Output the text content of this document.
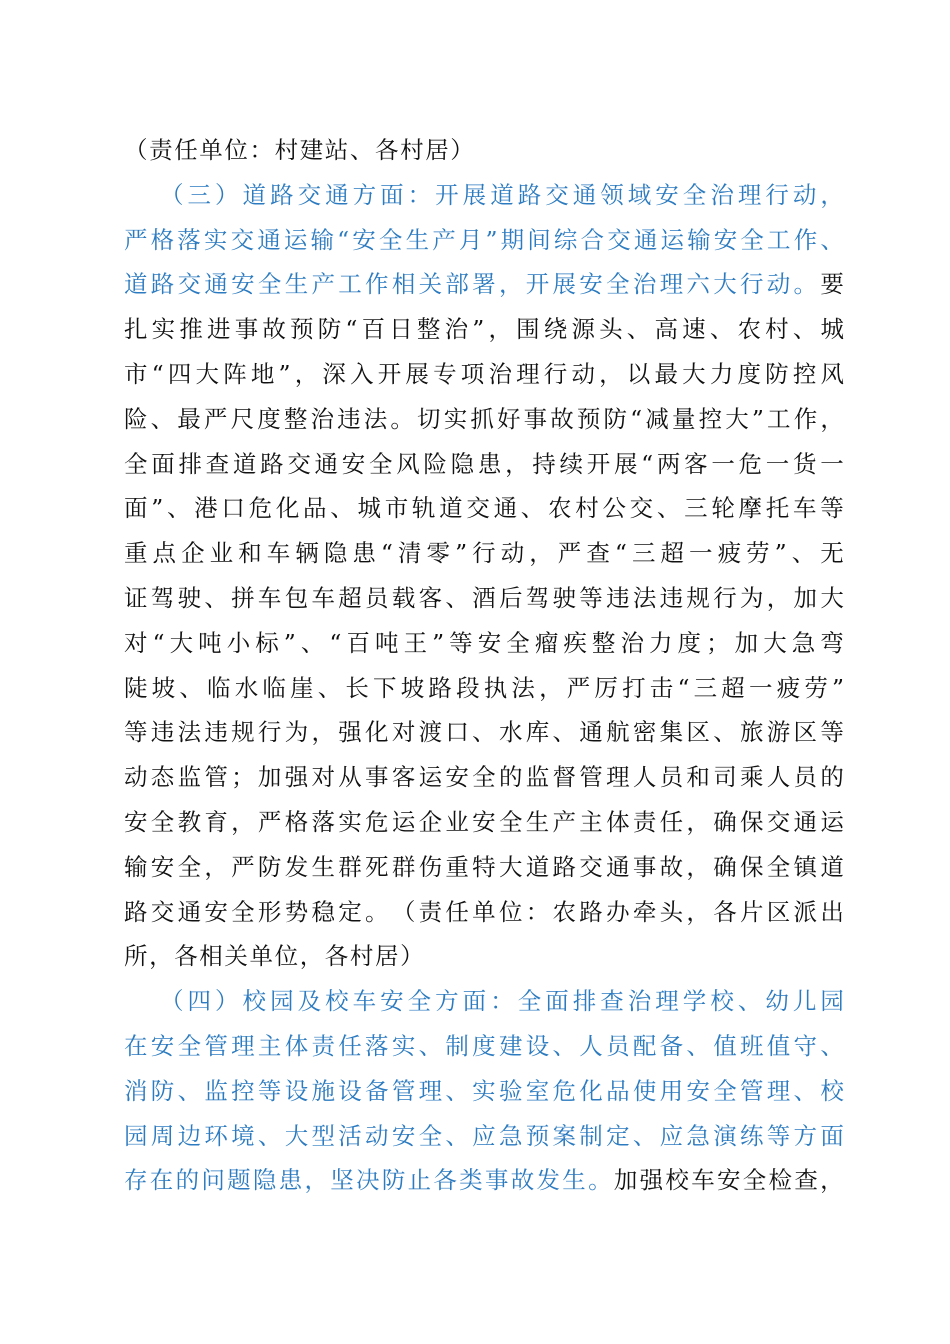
（责任单位：村建站、各村居）
（ 三 ） 道 路 交 通 方 面 ： 开 展 道 路 交 通 领 域 安 全 治 理 行 动 ，
严 格 落 实 交 通 运 输 “ 安 全 生 产 月 ” 期 间 综 合 交 通 运 输 安 全 工 作 、
道 路 交 通 安 全 生 产 工 作 相 关 部 署 ， 开 展 安 全 治 理 六 大 行 动 。 要
扎 实 推 进 事 故 预 防 “ 百 日 整 治 ” ， 围 绕 源 头 、 高 速 、 农 村 、 城
市 “ 四 大 阵 地 ” ， 深 入 开 展 专 项 治 理 行 动 ， 以 最 大 力 度 防 控 风
险 、 最 严 尺 度 整 治 违 法 。 切 实 抓 好 事 故 预 防 “ 减 量 控 大 ” 工 作 ，
全 面 排 查 道 路 交 通 安 全 风 险 隐 患 ， 持 续 开 展 “ 两 客 一 危 一 货 一
面 ” 、 港 口 危 化 品 、 城 市 轨 道 交 通 、 农 村 公 交 、 三 轮 摩 托 车 等
重 点 企 业 和 车 辆 隐 患 “ 清 零 ” 行 动 ， 严 查 “ 三 超 一 疲 劳 ” 、 无
证 驾 驶 、 拼 车 包 车 超 员 载 客 、 酒 后 驾 驶 等 违 法 违 规 行 为 ， 加 大
对 “ 大 吨 小 标 ” 、 “ 百 吨 王 ” 等 安 全 瘤 疾 整 治 力 度 ； 加 大 急 弯
陡 坡 、 临 水 临 崖 、 长 下 坡 路 段 执 法 ， 严 厉 打 击 “ 三 超 一 疲 劳 ”
等 违 法 违 规 行 为 ， 强 化 对 渡 口 、 水 库 、 通 航 密 集 区 、 旅 游 区 等
动 态 监 管 ； 加 强 对 从 事 客 运 安 全 的 监 督 管 理 人 员 和 司 乘 人 员 的
安 全 教 育 ， 严 格 落 实 危 运 企 业 安 全 生 产 主 体 责 任 ， 确 保 交 通 运
输 安 全 ， 严 防 发 生 群 死 群 伤 重 特 大 道 路 交 通 事 故 ， 确 保 全 镇 道
路 交 通 安 全 形 势 稳 定 。 （ 责 任 单 位 ： 农 路 办 牵 头 ， 各 片 区 派 出
所，各相关单位，各村居）
（ 四 ） 校 园 及 校 车 安 全 方 面 ： 全 面 排 查 治 理 学 校 、 幼 儿 园
在 安 全 管 理 主 体 责 任 落 实 、 制 度 建 设 、 人 员 配 备 、 值 班 值 守 、
消 防 、 监 控 等 设 施 设 备 管 理 、 实 验 室 危 化 品 使 用 安 全 管 理 、 校
园 周 边 环 境 、 大 型 活 动 安 全 、 应 急 预 案 制 定 、 应 急 演 练 等 方 面
存 在 的 问 题 隐 患 ， 坚 决 防 止 各 类 事 故 发 生 。 加 强 校 车 安 全 检 查 ，
